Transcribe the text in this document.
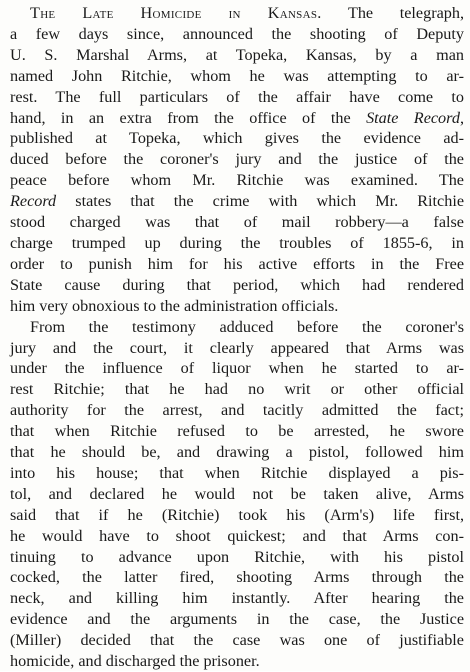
The Late Homicide in Kansas. The telegraph,
a few days since, announced the shooting of Deputy
U. S. Marshal Arms, at Topeka, Kansas, by a man
named John Ritchie, whom he was attempting to ar-
rest. The full particulars of the affair have come to
hand, in an extra from the office of the State Record,
published at Topeka, which gives the evidence ad-
duced before the coroner's jury and the justice of the
peace before whom Mr. Ritchie was examined. The
Record states that the crime with which Mr. Ritchie
stood charged was that of mail robbery—a false
charge trumped up during the troubles of 1855-6, in
order to punish him for his active efforts in the Free
State cause during that period, which had rendered
him very obnoxious to the administration officials.

From the testimony adduced before the coroner's
jury and the court, it clearly appeared that Arms was
under the influence of liquor when he started to ar-
rest Ritchie; that he had no writ or other official
authority for the arrest, and tacitly admitted the fact;
that when Ritchie refused to be arrested, he swore
that he should be, and drawing a pistol, followed him
into his house; that when Ritchie displayed a pis-
tol, and declared he would not be taken alive, Arms
said that if he (Ritchie) took his (Arm's) life first,
he would have to shoot quickest; and that Arms con-
tinuing to advance upon Ritchie, with his pistol
cocked, the latter fired, shooting Arms through the
neck, and killing him instantly. After hearing the
evidence and the arguments in the case, the Justice
(Miller) decided that the case was one of justifiable
homicide, and discharged the prisoner.
